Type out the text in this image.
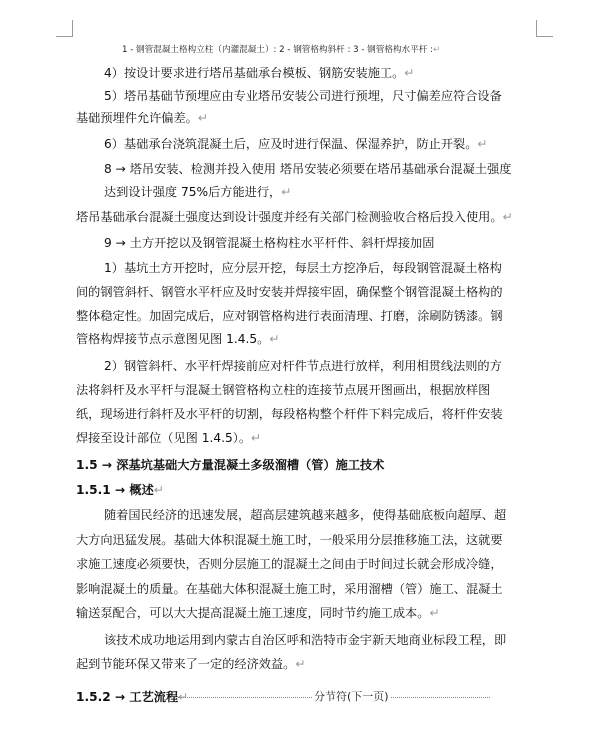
1 - 钢管混凝土格构立柱（内灌混凝土）: 2 - 钢管格构斜杆 : 3 - 钢管格构水平杆 :↵
4）按设计要求进行塔吊基础承台模板、钢筋安装施工。↵
5）塔吊基础节预埋应由专业塔吊安装公司进行预埋，尺寸偏差应符合设备
基础预埋件允许偏差。↵
6）基础承台浇筑混凝土后，应及时进行保温、保湿养护，防止开裂。↵
8 → 塔吊安装、检测并投入使用 塔吊安装必须要在塔吊基础承台混凝土强度
达到设计强度 75%后方能进行，↵
塔吊基础承台混凝土强度达到设计强度并经有关部门检测验收合格后投入使用。↵
9 → 土方开挖以及钢管混凝土格构柱水平杆件、斜杆焊接加固
1）基坑土方开挖时，应分层开挖，每层土方挖净后，每段钢管混凝土格构
间的钢管斜杆、钢管水平杆应及时安装并焊接牢固，确保整个钢管混凝土格构的
整体稳定性。加固完成后，应对钢管格构进行表面清理、打磨，涂刷防锈漆。钢
管格构焊接节点示意图见图 1.4.5。↵
2）钢管斜杆、水平杆焊接前应对杆件节点进行放样，利用相贯线法则的方
法将斜杆及水平杆与混凝土钢管格构立柱的连接节点展开图画出，根据放样图
纸，现场进行斜杆及水平杆的切割，每段格构整个杆件下料完成后，将杆件安装
焊接至设计部位（见图 1.4.5）。↵
1.5 → 深基坑基础大方量混凝土多级溜槽（管）施工技术
1.5.1 → 概述↵
随着国民经济的迅速发展，超高层建筑越来越多，使得基础底板向超厚、超
大方向迅猛发展。基础大体积混凝土施工时，一般采用分层推移施工法，这就要
求施工速度必须要快，否则分层施工的混凝土之间由于时间过长就会形成冷缝，
影响混凝土的质量。在基础大体积混凝土施工时，采用溜槽（管）施工、混凝土
输送泵配合，可以大大提高混凝土施工速度，同时节约施工成本。↵
该技术成功地运用到内蒙古自治区呼和浩特市金宇新天地商业标段工程，即
起到节能环保又带来了一定的经济效益。↵
1.5.2 → 工艺流程↵	分节符(下一页)
